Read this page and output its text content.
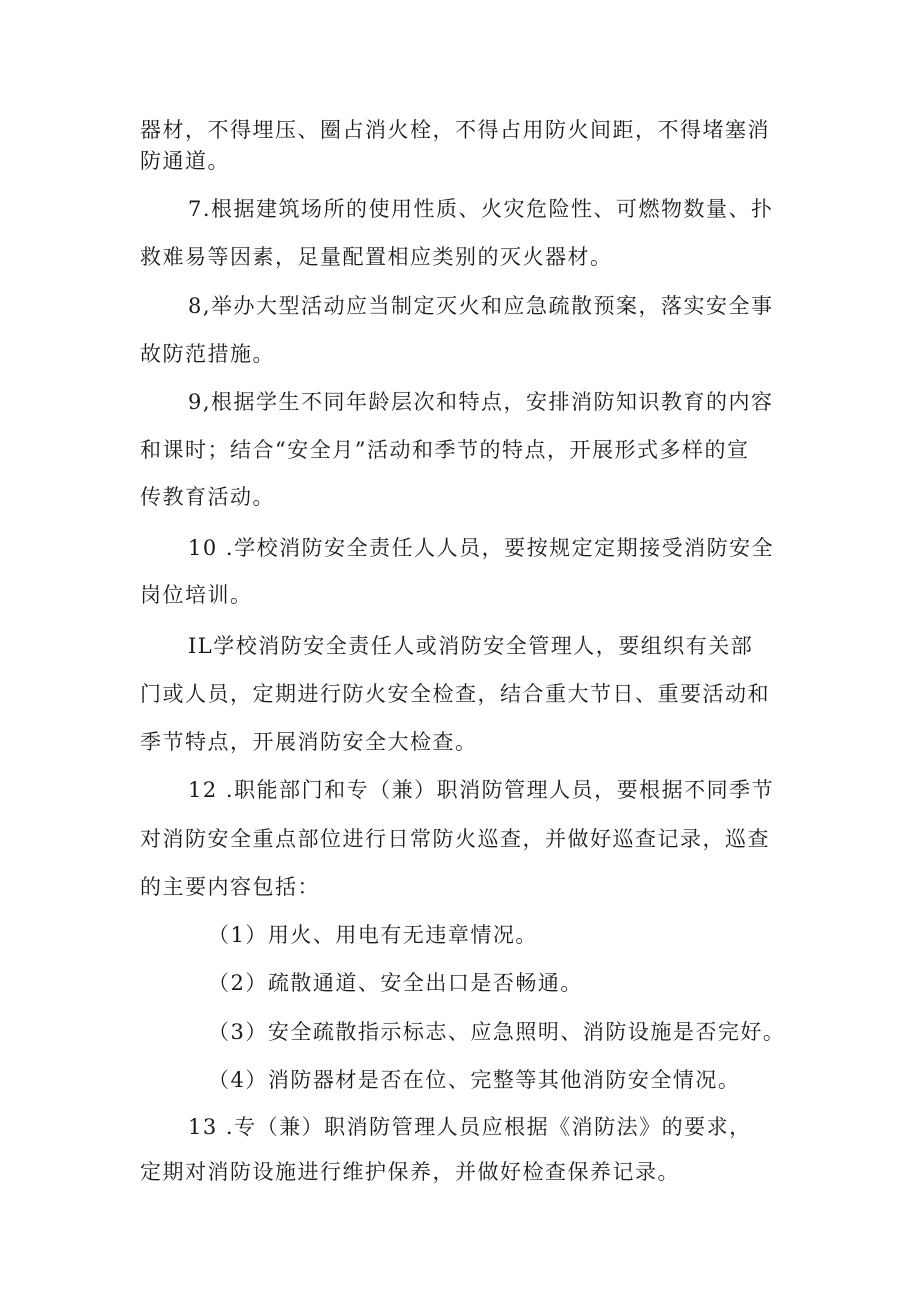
器材，不得埋压、圈占消火栓，不得占用防火间距，不得堵塞消
防通道。
7.根据建筑场所的使用性质、火灾危险性、可燃物数量、扑
救难易等因素，足量配置相应类别的灭火器材。
8,举办大型活动应当制定灭火和应急疏散预案，落实安全事
故防范措施。
9,根据学生不同年龄层次和特点，安排消防知识教育的内容
和课时；结合“安全月”活动和季节的特点，开展形式多样的宣
传教育活动。
10 .学校消防安全责任人人员，要按规定定期接受消防安全
岗位培训。
IL学校消防安全责任人或消防安全管理人，要组织有关部
门或人员，定期进行防火安全检查，结合重大节日、重要活动和
季节特点，开展消防安全大检查。
12 .职能部门和专（兼）职消防管理人员，要根据不同季节
对消防安全重点部位进行日常防火巡查，并做好巡查记录，巡查
的主要内容包括：
（1）用火、用电有无违章情况。
（2）疏散通道、安全出口是否畅通。
（3）安全疏散指示标志、应急照明、消防设施是否完好。
（4）消防器材是否在位、完整等其他消防安全情况。
13 .专（兼）职消防管理人员应根据《消防法》的要求，
定期对消防设施进行维护保养，并做好检查保养记录。
